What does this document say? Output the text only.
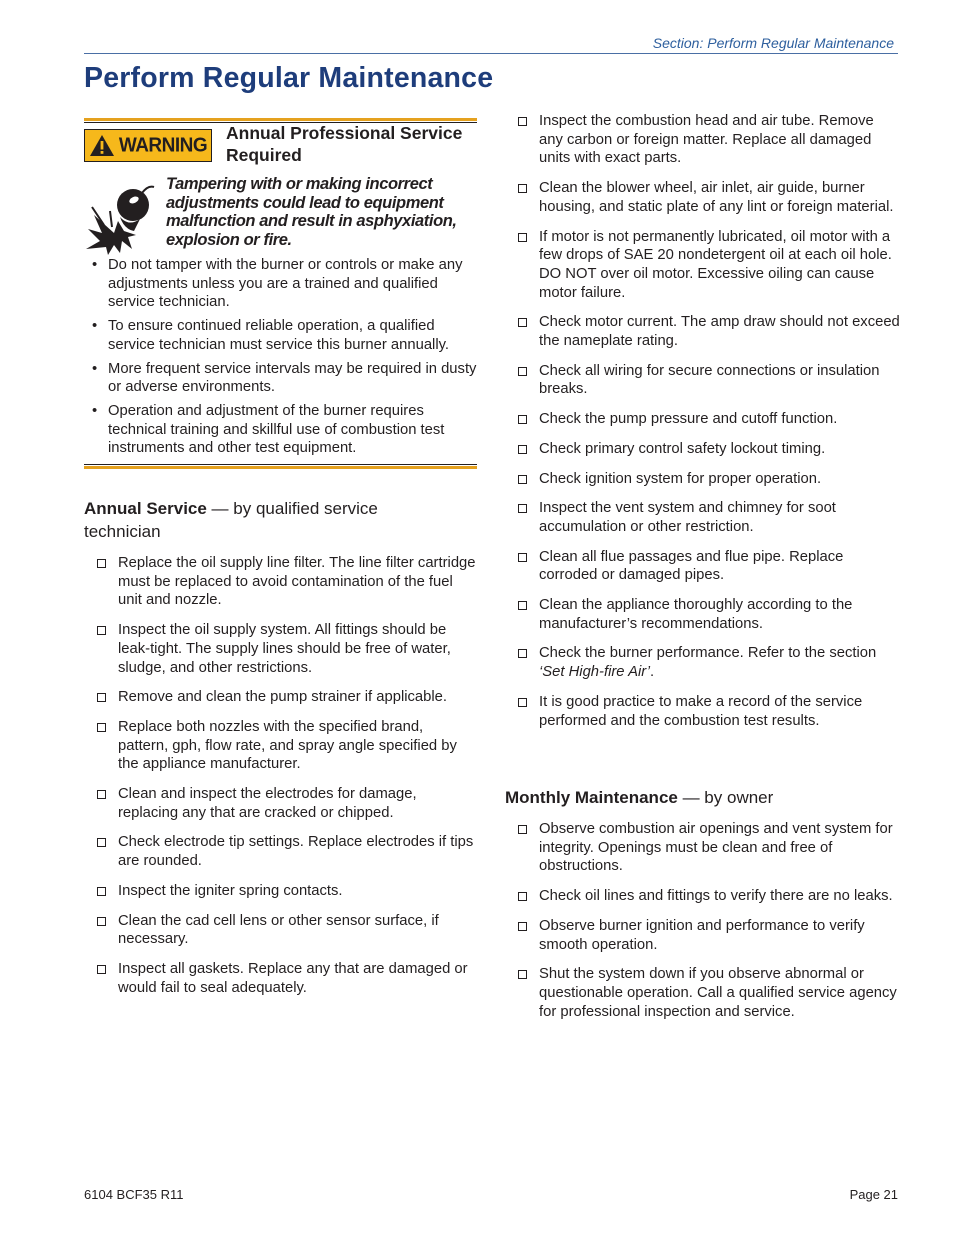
Section: Perform Regular Maintenance
Perform Regular Maintenance
WARNING
Annual Professional Service Required

Tampering with or making incorrect adjustments could lead to equipment malfunction and result in asphyxiation, explosion or fire.

• Do not tamper with the burner or controls or make any adjustments unless you are a trained and qualified service technician.
• To ensure continued reliable operation, a qualified service technician must service this burner annually.
• More frequent service intervals may be required in dusty or adverse environments.
• Operation and adjustment of the burner requires technical training and skillful use of combustion test instruments and other test equipment.
Annual Service — by qualified service technician
Replace the oil supply line filter. The line filter cartridge must be replaced to avoid contamination of the fuel unit and nozzle.
Inspect the oil supply system. All fittings should be leak-tight. The supply lines should be free of water, sludge, and other restrictions.
Remove and clean the pump strainer if applicable.
Replace both nozzles with the specified brand, pattern, gph, flow rate, and spray angle specified by the appliance manufacturer.
Clean and inspect the electrodes for damage, replacing any that are cracked or chipped.
Check electrode tip settings. Replace electrodes if tips are rounded.
Inspect the igniter spring contacts.
Clean the cad cell lens or other sensor surface, if necessary.
Inspect all gaskets. Replace any that are damaged or would fail to seal adequately.
Inspect the combustion head and air tube. Remove any carbon or foreign matter. Replace all damaged units with exact parts.
Clean the blower wheel, air inlet, air guide, burner housing, and static plate of any lint or foreign material.
If motor is not permanently lubricated, oil motor with a few drops of SAE 20 nondetergent oil at each oil hole. DO NOT over oil motor. Excessive oiling can cause motor failure.
Check motor current. The amp draw should not exceed the nameplate rating.
Check all wiring for secure connections or insulation breaks.
Check the pump pressure and cutoff function.
Check primary control safety lockout timing.
Check ignition system for proper operation.
Inspect the vent system and chimney for soot accumulation or other restriction.
Clean all flue passages and flue pipe. Replace corroded or damaged pipes.
Clean the appliance thoroughly according to the manufacturer’s recommendations.
Check the burner performance. Refer to the section ‘Set High-fire Air’.
It is good practice to make a record of the service performed and the combustion test results.
Monthly Maintenance — by owner
Observe combustion air openings and vent system for integrity. Openings must be clean and free of obstructions.
Check oil lines and fittings to verify there are no leaks.
Observe burner ignition and performance to verify smooth operation.
Shut the system down if you observe abnormal or questionable operation. Call a qualified service agency for professional inspection and service.
6104 BCF35 R11	Page 21
